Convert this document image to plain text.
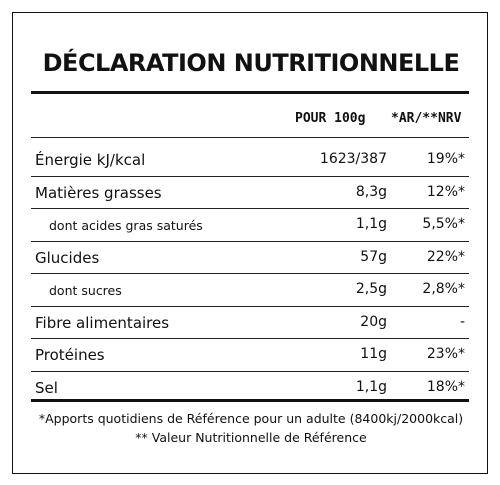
DÉCLARATION NUTRITIONNELLE
POUR 100g *AR/**NRV
Énergie kJ/kcal	1623/387	19%*
Matières grasses	8,3g	12%*
dont acides gras saturés	1,1g	5,5%*
Glucides	57g	22%*
dont sucres	2,5g	2,8%*
Fibre alimentaires	20g	-
Protéines	11g	23%*
Sel	1,1g	18%*
*Apports quotidiens de Référence pour un adulte (8400kj/2000kcal)
** Valeur Nutritionnelle de Référence
